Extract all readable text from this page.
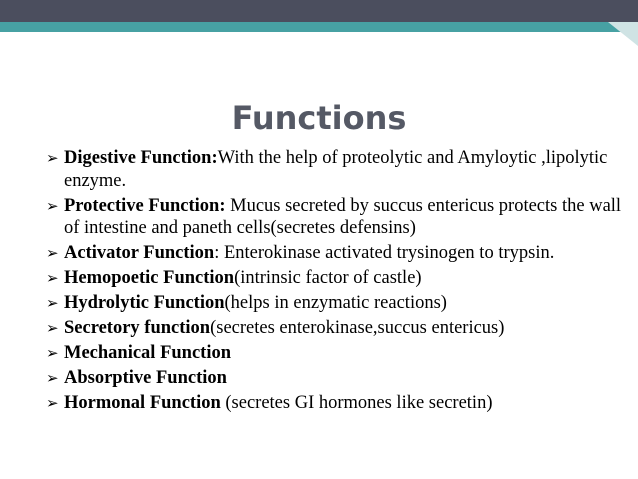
Functions
➢ Digestive Function:With the help of proteolytic and Amyloytic ,lipolytic enzyme.
➢ Protective Function: Mucus secreted by succus entericus protects the wall of intestine and paneth cells(secretes defensins)
➢ Activator Function: Enterokinase activated trysinogen to trypsin.
➢ Hemopoetic Function(intrinsic factor of castle)
➢ Hydrolytic Function(helps in enzymatic reactions)
➢ Secretory function(secretes enterokinase,succus entericus)
➢ Mechanical Function
➢ Absorptive Function
➢ Hormonal Function (secretes GI hormones like secretin)
